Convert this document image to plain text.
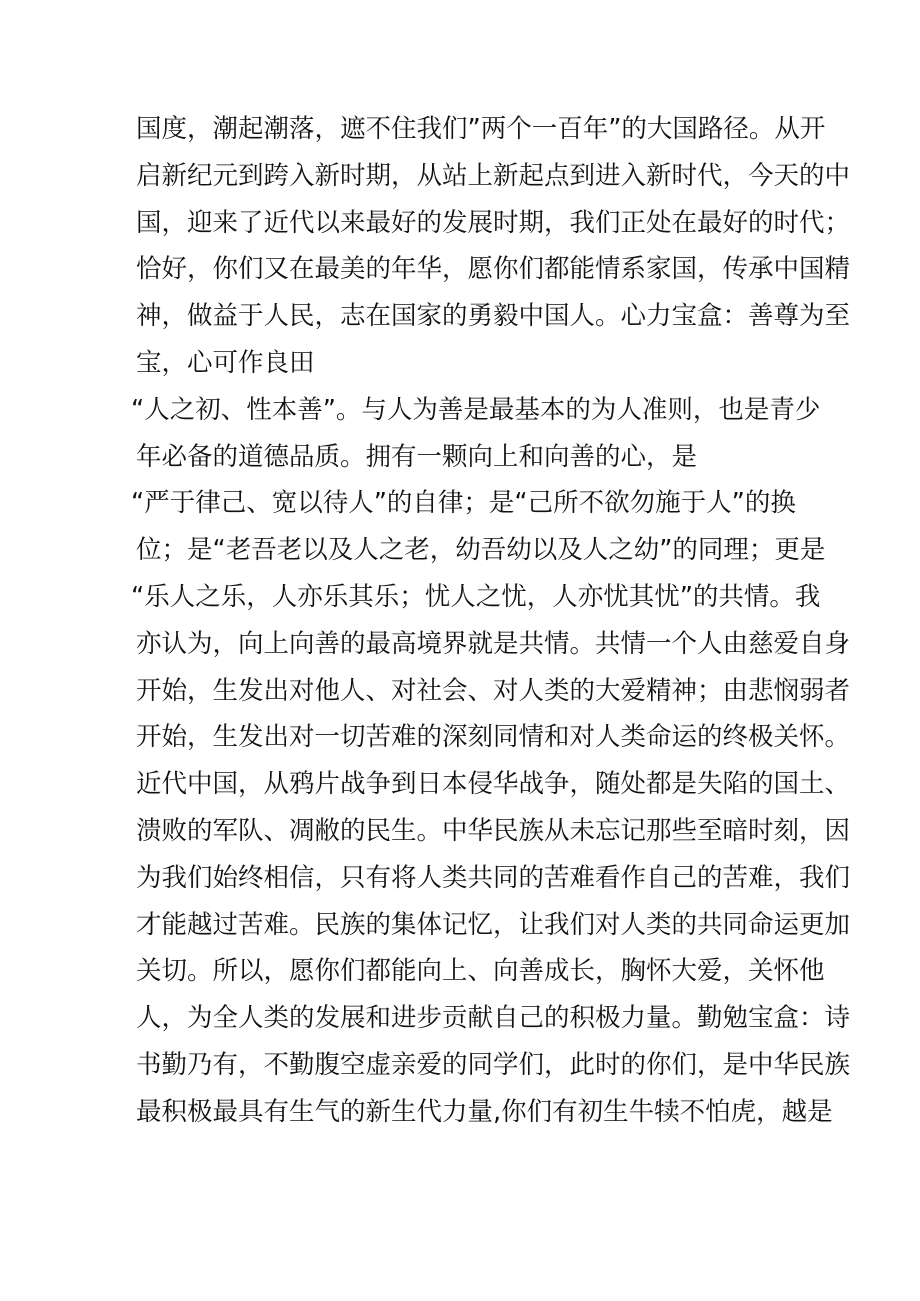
国度，潮起潮落，遮不住我们”两个一百年”的大国路径。从开
启新纪元到跨入新时期，从站上新起点到进入新时代，今天的中
国，迎来了近代以来最好的发展时期，我们正处在最好的时代；
恰好，你们又在最美的年华，愿你们都能情系家国，传承中国精
神，做益于人民，志在国家的勇毅中国人。心力宝盒：善尊为至
宝，心可作良田
“人之初、性本善”。与人为善是最基本的为人准则，也是青少
年必备的道德品质。拥有一颗向上和向善的心，是
“严于律己、宽以待人”的自律；是“己所不欲勿施于人”的换
位；是“老吾老以及人之老，幼吾幼以及人之幼”的同理；更是
“乐人之乐，人亦乐其乐；忧人之忧，人亦忧其忧”的共情。我
亦认为，向上向善的最高境界就是共情。共情一个人由慈爱自身
开始，生发出对他人、对社会、对人类的大爱精神；由悲悯弱者
开始，生发出对一切苦难的深刻同情和对人类命运的终极关怀。
近代中国，从鸦片战争到日本侵华战争，随处都是失陷的国土、
溃败的军队、凋敝的民生。中华民族从未忘记那些至暗时刻，因
为我们始终相信，只有将人类共同的苦难看作自己的苦难，我们
才能越过苦难。民族的集体记忆，让我们对人类的共同命运更加
关切。所以，愿你们都能向上、向善成长，胸怀大爱，关怀他
人，为全人类的发展和进步贡献自己的积极力量。勤勉宝盒：诗
书勤乃有，不勤腹空虚亲爱的同学们，此时的你们，是中华民族
最积极最具有生气的新生代力量,你们有初生牛犊不怕虎，越是
